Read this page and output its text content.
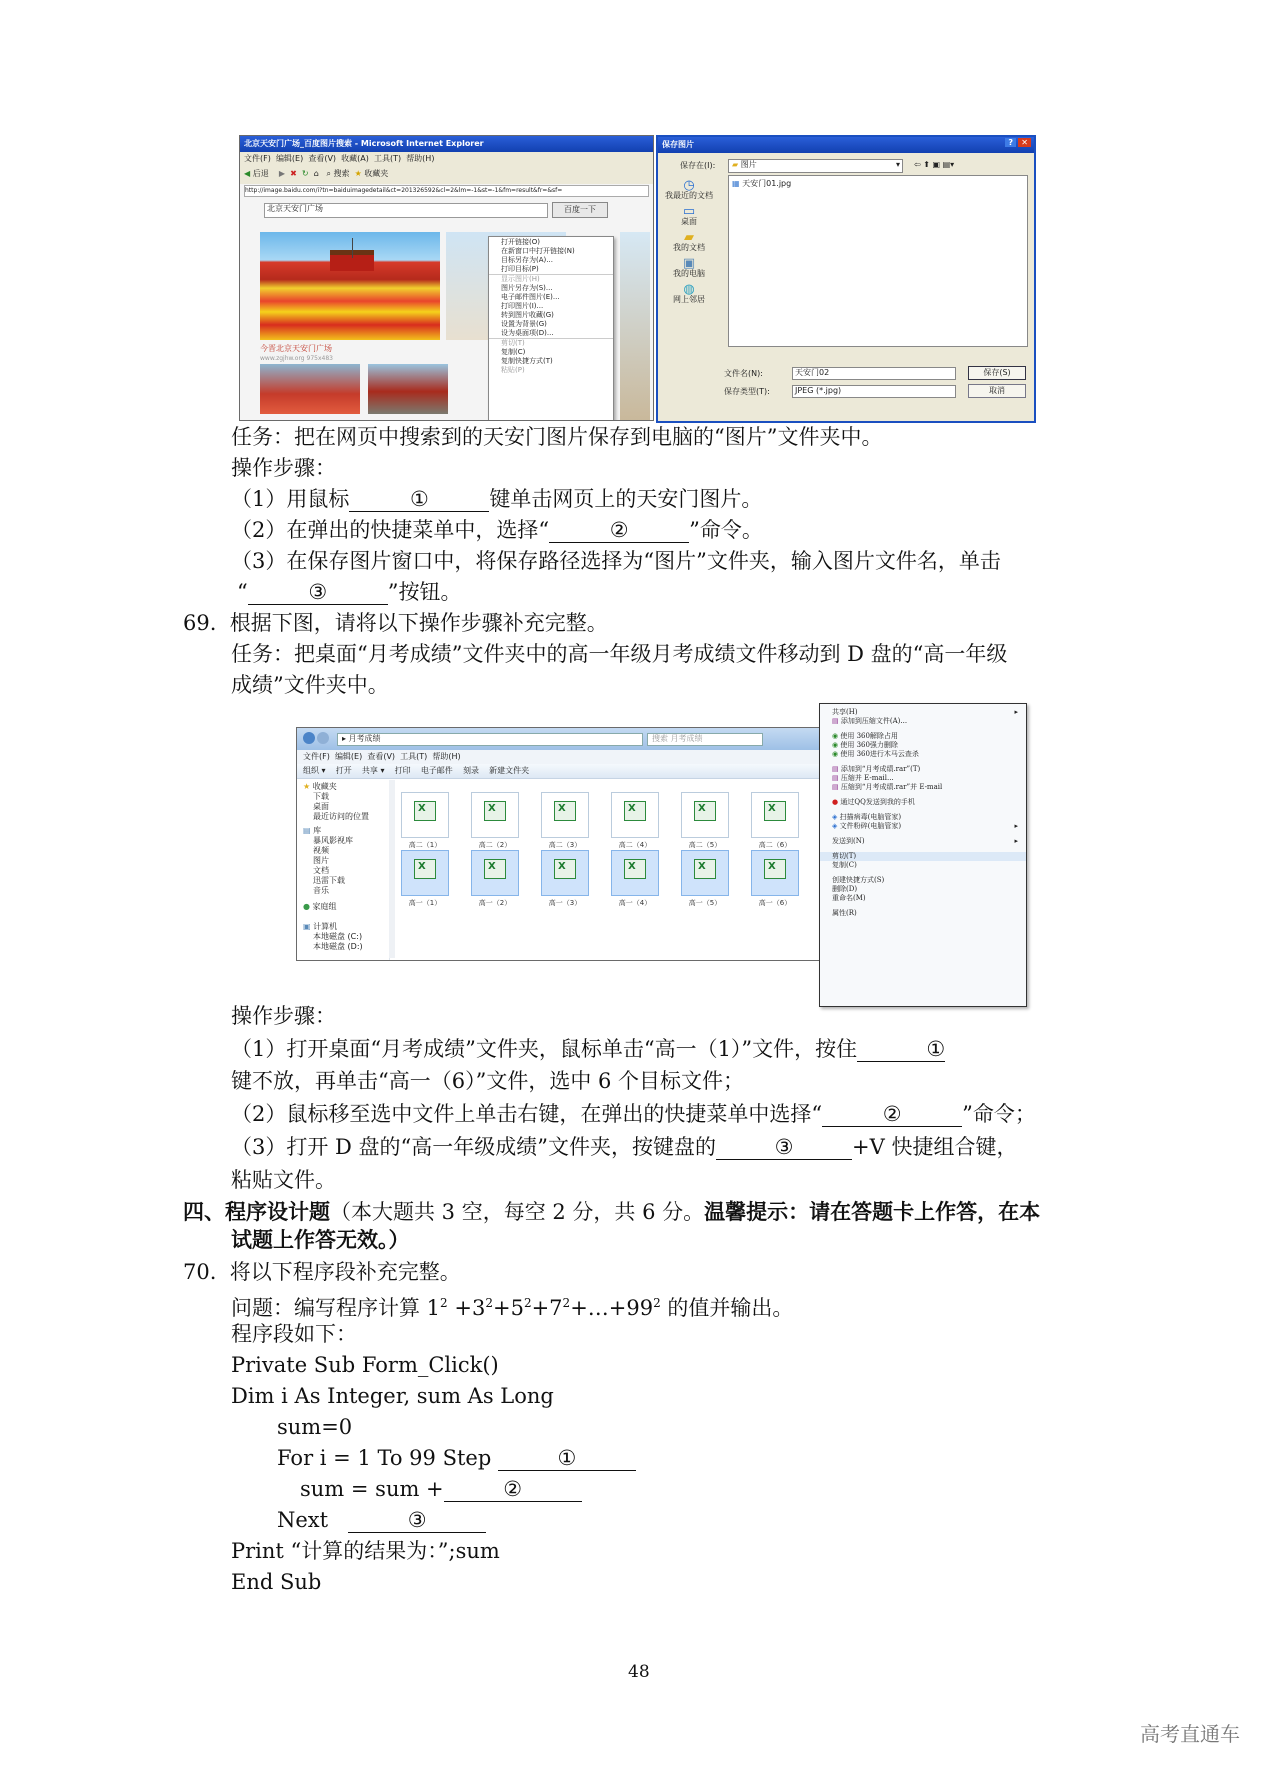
北京天安门广场_百度图片搜索 - Microsoft Internet Explorer
文件(F) 编辑(E) 查看(V) 收藏(A) 工具(T) 帮助(H)
◀ 后退 ▶ ✖ ↻ ⌂ ⌕ 搜索 ★ 收藏夹
http://image.baidu.com/i?tn=baiduimagedetail&ct=201326592&cl=2&lm=-1&st=-1&fm=result&fr=&sf=
北京天安门广场	百度一下
今晋北京天安门广场
www.zgjhw.org 975x483
打开链接(O)
在新窗口中打开链接(N)
目标另存为(A)...
打印目标(P)
显示图片(H)
图片另存为(S)...
电子邮件图片(E)...
打印图片(I)...
转到图片收藏(G)
设置为背景(G)
设为桌面项(D)...
剪切(T)
复制(C)
复制快捷方式(T)
粘贴(P)
保存图片	?	✕
保存在(I):	▰ 图片	▾ ⇦ ⬆ ▣ ▤▾
◷
我最近的文档
▭
桌面
▰
我的文档
▣
我的电脑
◍
网上邻居
▦ 天安门01.jpg
文件名(N):	天安门02
保存类型(T):	JPEG (*.jpg)
保存(S)
取消
任务：把在网页中搜索到的天安门图片保存到电脑的“图片”文件夹中。
操作步骤：
（1）用鼠标	①	键单击网页上的天安门图片。
（2）在弹出的快捷菜单中，选择“	②	”命令。
（3）在保存图片窗口中，将保存路径选择为“图片”文件夹，输入图片文件名，单击
“	③	”按钮。
69. 根据下图，请将以下操作步骤补充完整。
任务：把桌面“月考成绩”文件夹中的高一年级月考成绩文件移动到 D 盘的“高一年级
成绩”文件夹中。
▸ 月考成绩	搜索 月考成绩
文件(F) 编辑(E) 查看(V) 工具(T) 帮助(H)
组织 ▾ 打开 共享 ▾ 打印 电子邮件 刻录 新建文件夹
★ 收藏夹
下载
桌面
最近访问的位置
▤ 库
暴风影视库
视频
图片
文档
迅雷下载
音乐
● 家庭组
▣ 计算机
本地磁盘 (C:)
本地磁盘 (D:)
X
高二（1）
X	高二（2）
X	高二（3）
X	高二（4）
X	高二（5）
X	高二（6）
X
高一（1）
X	高一（2）
X	高一（3）
X	高一（4）
X	高一（5）
X	高一（6）
共享(H)	▸
▤ 添加到压缩文件(A)...
◉ 使用 360解除占用
◉ 使用 360强力删除
◉ 使用 360进行木马云查杀
▤ 添加到“月考成绩.rar”(T)
▤ 压缩并 E-mail...
▤ 压缩到“月考成绩.rar”并 E-mail
● 通过QQ发送到我的手机
◈ 扫描病毒(电脑管家)
◈ 文件粉碎(电脑管家)	▸
发送到(N)	▸
剪切(T)
复制(C)
创建快捷方式(S)
删除(D)
重命名(M)
属性(R)
操作步骤：
（1）打开桌面“月考成绩”文件夹，鼠标单击“高一（1）”文件，按住	①
键不放，再单击“高一（6）”文件，选中 6 个目标文件；
（2）鼠标移至选中文件上单击右键，在弹出的快捷菜单中选择“	②	”命令；
（3）打开 D 盘的“高一年级成绩”文件夹，按键盘的	③	+V 快捷组合键，
粘贴文件。
四、程序设计题（本大题共 3 空，每空 2 分，共 6 分。温馨提示：请在答题卡上作答，在本
试题上作答无效。）
70. 将以下程序段补充完整。
问题：编写程序计算 $1^2$ $+3^2+5^2+7^2+\dots+99^2$ 的值并输出。
程序段如下：
Private Sub Form_Click()
Dim i As Integer, sum As Long
sum=0
For i = 1 To 99 Step	①
sum = sum +	②
Next	③
Print “计算的结果为：”;sum
End Sub
48
高考直通车
